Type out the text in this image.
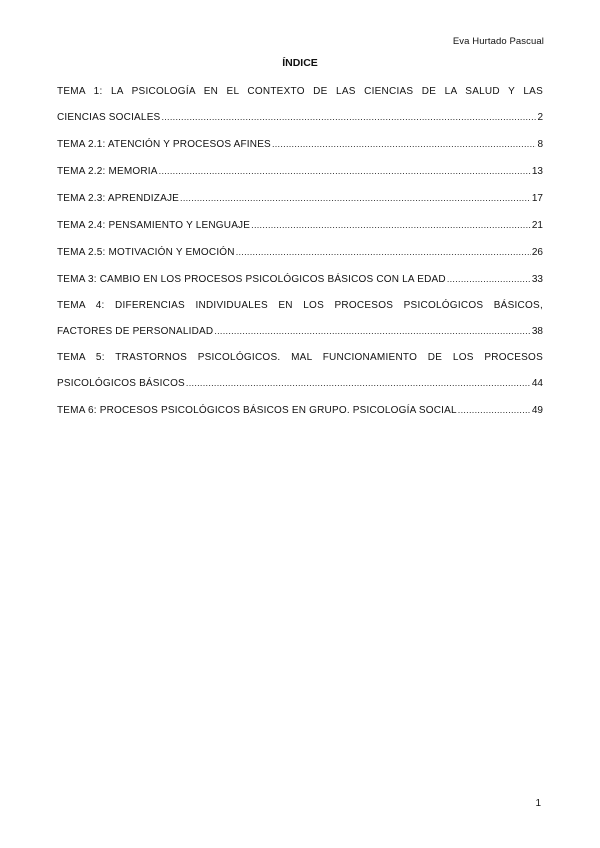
Eva Hurtado Pascual
ÍNDICE
TEMA 1: LA PSICOLOGÍA EN EL CONTEXTO DE LAS CIENCIAS DE LA SALUD Y LAS
CIENCIAS SOCIALES .....	2
TEMA 2.1: ATENCIÓN Y PROCESOS AFINES .....	8
TEMA 2.2: MEMORIA .....	13
TEMA 2.3: APRENDIZAJE .....	17
TEMA 2.4: PENSAMIENTO Y LENGUAJE .....	21
TEMA 2.5: MOTIVACIÓN Y EMOCIÓN .....	26
TEMA 3: CAMBIO EN LOS PROCESOS PSICOLÓGICOS BÁSICOS CON LA EDAD .....	33
TEMA 4: DIFERENCIAS INDIVIDUALES EN LOS PROCESOS PSICOLÓGICOS BÁSICOS,
FACTORES DE PERSONALIDAD .....	38
TEMA 5: TRASTORNOS PSICOLÓGICOS. MAL FUNCIONAMIENTO DE LOS PROCESOS
PSICOLÓGICOS BÁSICOS .....	44
TEMA 6: PROCESOS PSICOLÓGICOS BÁSICOS EN GRUPO. PSICOLOGÍA SOCIAL .....	49
1
